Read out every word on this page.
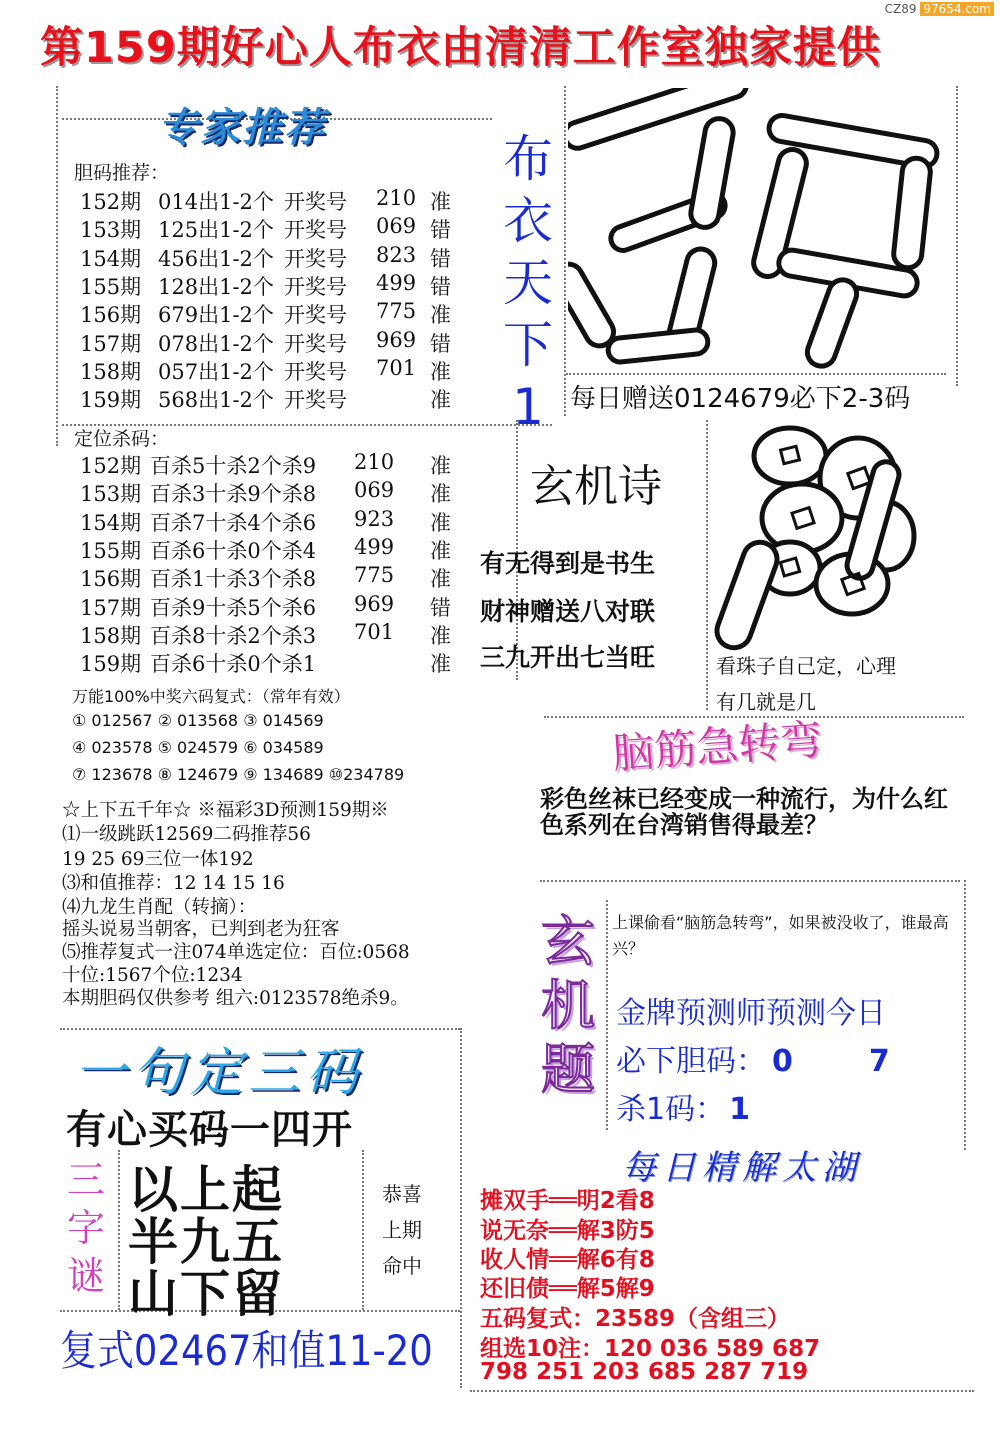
第159期好心人布衣由清清工作室独家提供
CZ89 97654.com
专家推荐
胆码推荐：
152期 014出1-2个 开奖号 210 准
153期 125出1-2个 开奖号 069 错
154期 456出1-2个 开奖号 823 错
155期 128出1-2个 开奖号 499 错
156期 679出1-2个 开奖号 775 准
157期 078出1-2个 开奖号 969 错
158期 057出1-2个 开奖号 701 准
159期 568出1-2个 开奖号	准
定位杀码：
152期 百杀5十杀2个杀9 210 准
153期 百杀3十杀9个杀8 069 准
154期 百杀7十杀4个杀6 923 准
155期 百杀6十杀0个杀4 499 准
156期 百杀1十杀3个杀8 775 准
157期 百杀9十杀5个杀6 969 错
158期 百杀8十杀2个杀3 701 准
159期 百杀6十杀0个杀1	准
万能100%中奖六码复式：（常年有效）
① 012567 ② 013568 ③ 014569
④ 023578 ⑤ 024579 ⑥ 034589
⑦ 123678 ⑧ 124679 ⑨ 134689 ⑩234789
☆上下五千年☆ ※福彩3D预测159期※
⑴一级跳跃12569二码推荐56
19 25 69三位一体192
⑶和值推荐：12 14 15 16
⑷九龙生肖配（转摘）：
摇头说易当朝客，已判到老为狂客
⑸推荐复式一注074单选定位：百位:0568
十位:1567个位:1234
本期胆码仅供参考 组六:0123578绝杀9。
布
衣
天
下
1	每日赠送0124679必下2-3码
玄机诗
有无得到是书生
财神赠送八对联
三九开出七当旺	看珠子自己定，心理
有几就是几
脑筋急转弯
彩色丝袜已经变成一种流行，为什么红色系列在台湾销售得最差？
玄
机
题
上课偷看“脑筋急转弯”，如果被没收了，谁最高兴？
金牌预测师预测今日
必下胆码： 0	7
杀1码： 1
每日精解太湖
摊双手══明2看8
说无奈══解3防5
收人情══解6有8
还旧债══解5解9
五码复式：23589（含组三）
组选10注：120 036 589 687
798 251 203 685 287 719
一句定三码
有心买码一四开
三
字
谜
以上起
半九五
山下留
恭喜
上期
命中
复式02467和值11-20
